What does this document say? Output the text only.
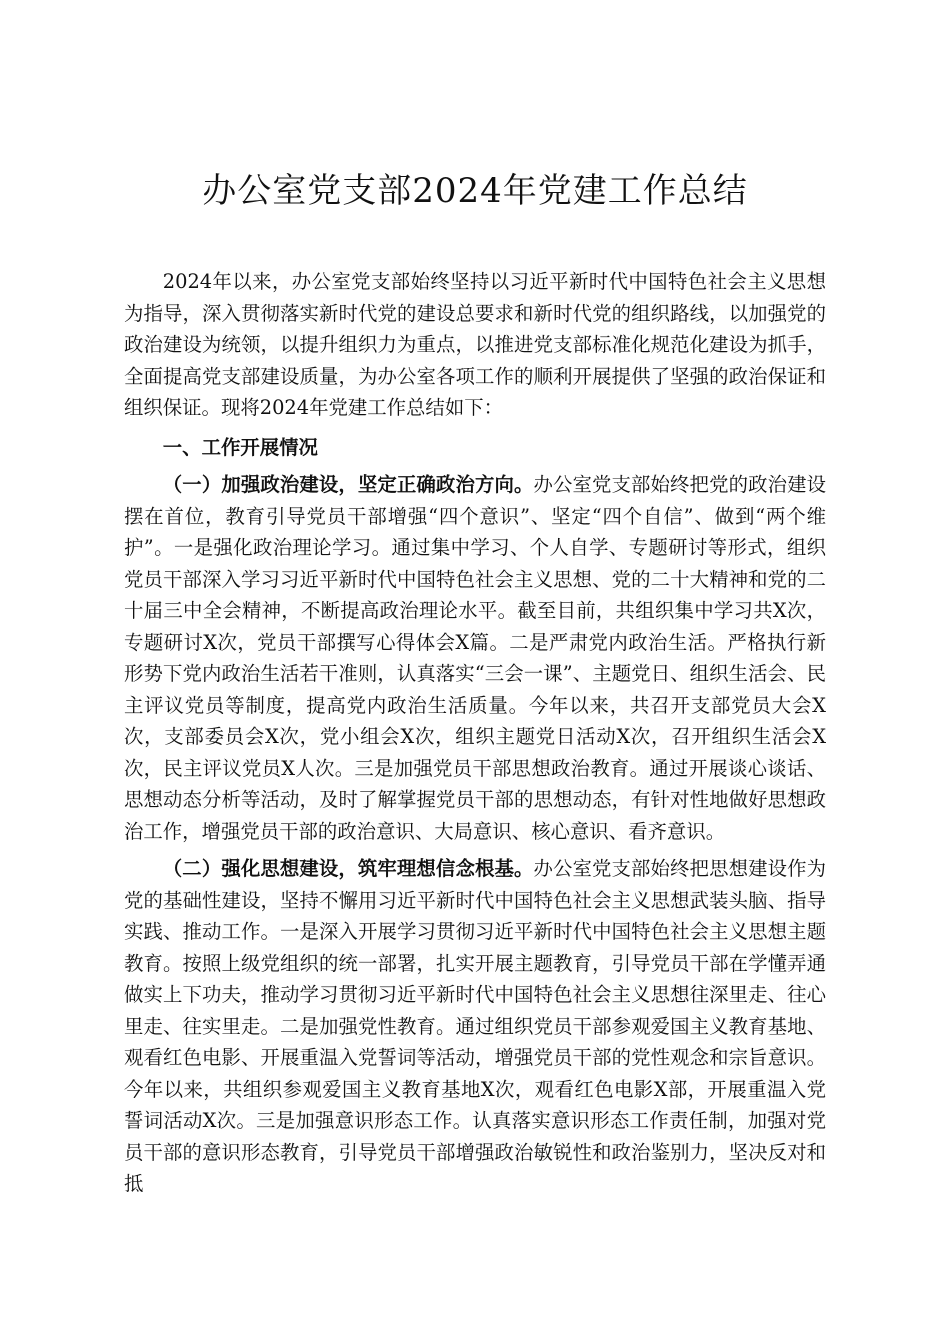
办公室党支部2024年党建工作总结

2024年以来，办公室党支部始终坚持以习近平新时代中国特色社会主义思想为指导，深入贯彻落实新时代党的建设总要求和新时代党的组织路线，以加强党的政治建设为统领，以提升组织力为重点，以推进党支部标准化规范化建设为抓手，全面提高党支部建设质量，为办公室各项工作的顺利开展提供了坚强的政治保证和组织保证。现将2024年党建工作总结如下：

一、工作开展情况

（一）加强政治建设，坚定正确政治方向。办公室党支部始终把党的政治建设摆在首位，教育引导党员干部增强“四个意识”、坚定“四个自信”、做到“两个维护”。一是强化政治理论学习。通过集中学习、个人自学、专题研讨等形式，组织党员干部深入学习习近平新时代中国特色社会主义思想、党的二十大精神和党的二十届三中全会精神，不断提高政治理论水平。截至目前，共组织集中学习共X次，专题研讨X次，党员干部撰写心得体会X篇。二是严肃党内政治生活。严格执行新形势下党内政治生活若干准则，认真落实“三会一课”、主题党日、组织生活会、民主评议党员等制度，提高党内政治生活质量。今年以来，共召开支部党员大会X次，支部委员会X次，党小组会X次，组织主题党日活动X次，召开组织生活会X次，民主评议党员X人次。三是加强党员干部思想政治教育。通过开展谈心谈话、思想动态分析等活动，及时了解掌握党员干部的思想动态，有针对性地做好思想政治工作，增强党员干部的政治意识、大局意识、核心意识、看齐意识。

（二）强化思想建设，筑牢理想信念根基。办公室党支部始终把思想建设作为党的基础性建设，坚持不懈用习近平新时代中国特色社会主义思想武装头脑、指导实践、推动工作。一是深入开展学习贯彻习近平新时代中国特色社会主义思想主题教育。按照上级党组织的统一部署，扎实开展主题教育，引导党员干部在学懂弄通做实上下功夫，推动学习贯彻习近平新时代中国特色社会主义思想往深里走、往心里走、往实里走。二是加强党性教育。通过组织党员干部参观爱国主义教育基地、观看红色电影、开展重温入党誓词等活动，增强党员干部的党性观念和宗旨意识。今年以来，共组织参观爱国主义教育基地X次，观看红色电影X部，开展重温入党誓词活动X次。三是加强意识形态工作。认真落实意识形态工作责任制，加强对党员干部的意识形态教育，引导党员干部增强政治敏锐性和政治鉴别力，坚决反对和抵
